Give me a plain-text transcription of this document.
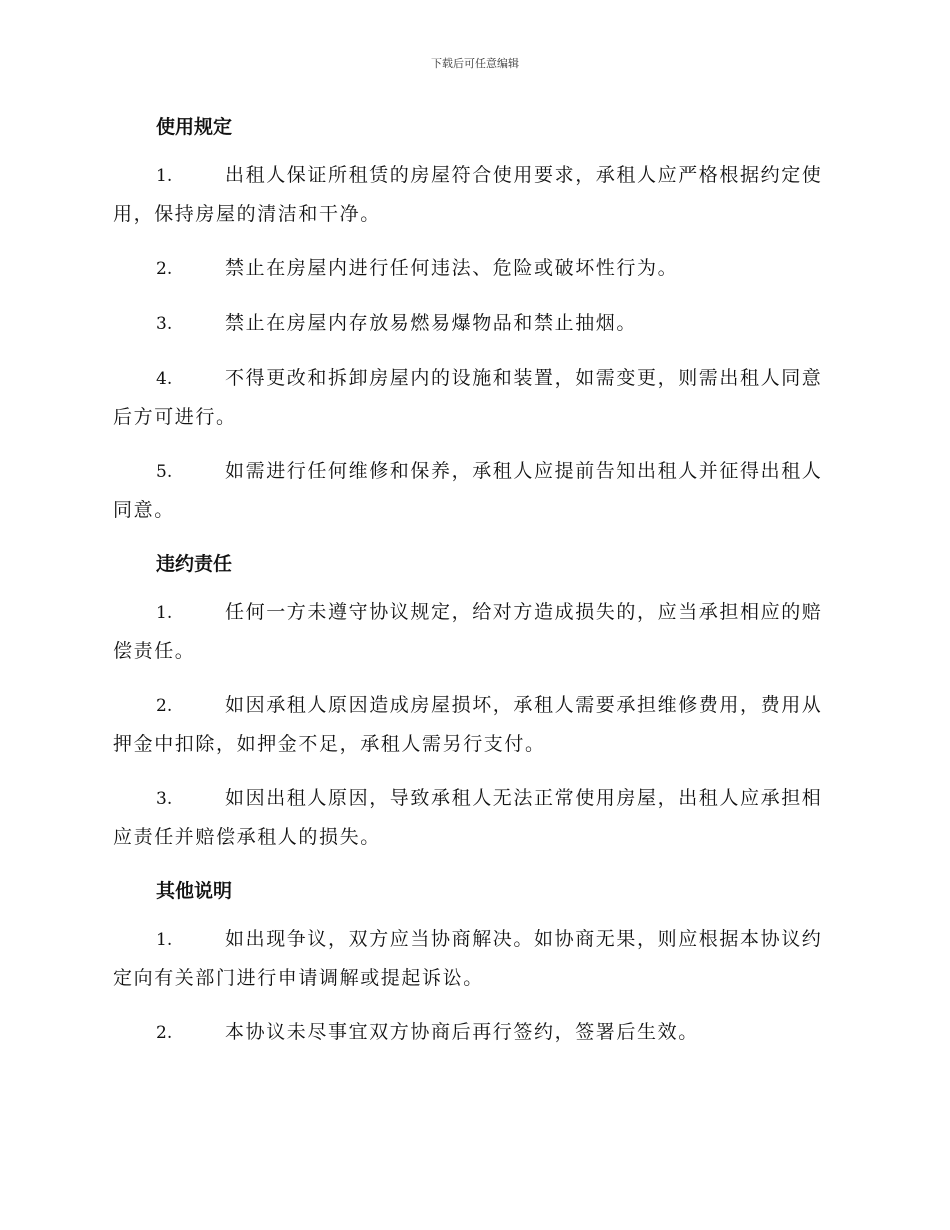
下载后可任意编辑

使用规定

1.	出租人保证所租赁的房屋符合使用要求，承租人应严格根据约定使用，保持房屋的清洁和干净。

2.	禁止在房屋内进行任何违法、危险或破坏性行为。

3.	禁止在房屋内存放易燃易爆物品和禁止抽烟。

4.	不得更改和拆卸房屋内的设施和装置，如需变更，则需出租人同意后方可进行。

5.	如需进行任何维修和保养，承租人应提前告知出租人并征得出租人同意。

违约责任

1.	任何一方未遵守协议规定，给对方造成损失的，应当承担相应的赔偿责任。

2.	如因承租人原因造成房屋损坏，承租人需要承担维修费用，费用从押金中扣除，如押金不足，承租人需另行支付。

3.	如因出租人原因，导致承租人无法正常使用房屋，出租人应承担相应责任并赔偿承租人的损失。

其他说明

1.	如出现争议，双方应当协商解决。如协商无果，则应根据本协议约定向有关部门进行申请调解或提起诉讼。

2.	本协议未尽事宜双方协商后再行签约，签署后生效。
